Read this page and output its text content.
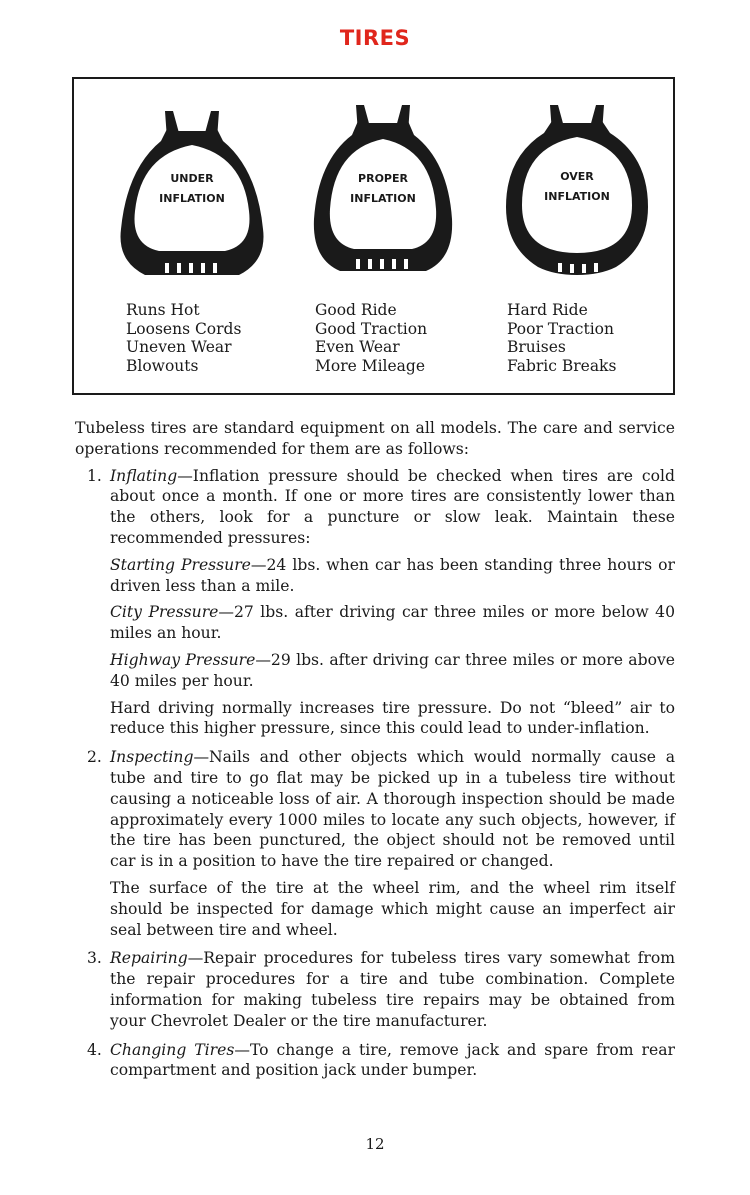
TIRES
UNDER
INFLATION
PROPER
INFLATION
OVER
INFLATION
Runs Hot
Loosens Cords
Uneven Wear
Blowouts
Good Ride
Good Traction
Even Wear
More Mileage
Hard Ride
Poor Traction
Bruises
Fabric Breaks

Tubeless tires are standard equipment on all models. The care and service operations recommended for them are as follows:

1. Inflating—Inflation pressure should be checked when tires are cold about once a month. If one or more tires are consistently lower than the others, look for a puncture or slow leak. Maintain these recommended pressures:

Starting Pressure—24 lbs. when car has been standing three hours or driven less than a mile.

City Pressure—27 lbs. after driving car three miles or more below 40 miles an hour.

Highway Pressure—29 lbs. after driving car three miles or more above 40 miles per hour.

Hard driving normally increases tire pressure. Do not “bleed” air to reduce this higher pressure, since this could lead to under-inflation.

2. Inspecting—Nails and other objects which would normally cause a tube and tire to go flat may be picked up in a tubeless tire without causing a noticeable loss of air. A thorough inspection should be made approximately every 1000 miles to locate any such objects, however, if the tire has been punctured, the object should not be removed until car is in a position to have the tire repaired or changed.

The surface of the tire at the wheel rim, and the wheel rim itself should be inspected for damage which might cause an imperfect air seal between tire and wheel.

3. Repairing—Repair procedures for tubeless tires vary somewhat from the repair procedures for a tire and tube combination. Complete information for making tubeless tire repairs may be obtained from your Chevrolet Dealer or the tire manufacturer.

4. Changing Tires—To change a tire, remove jack and spare from rear compartment and position jack under bumper.

12
